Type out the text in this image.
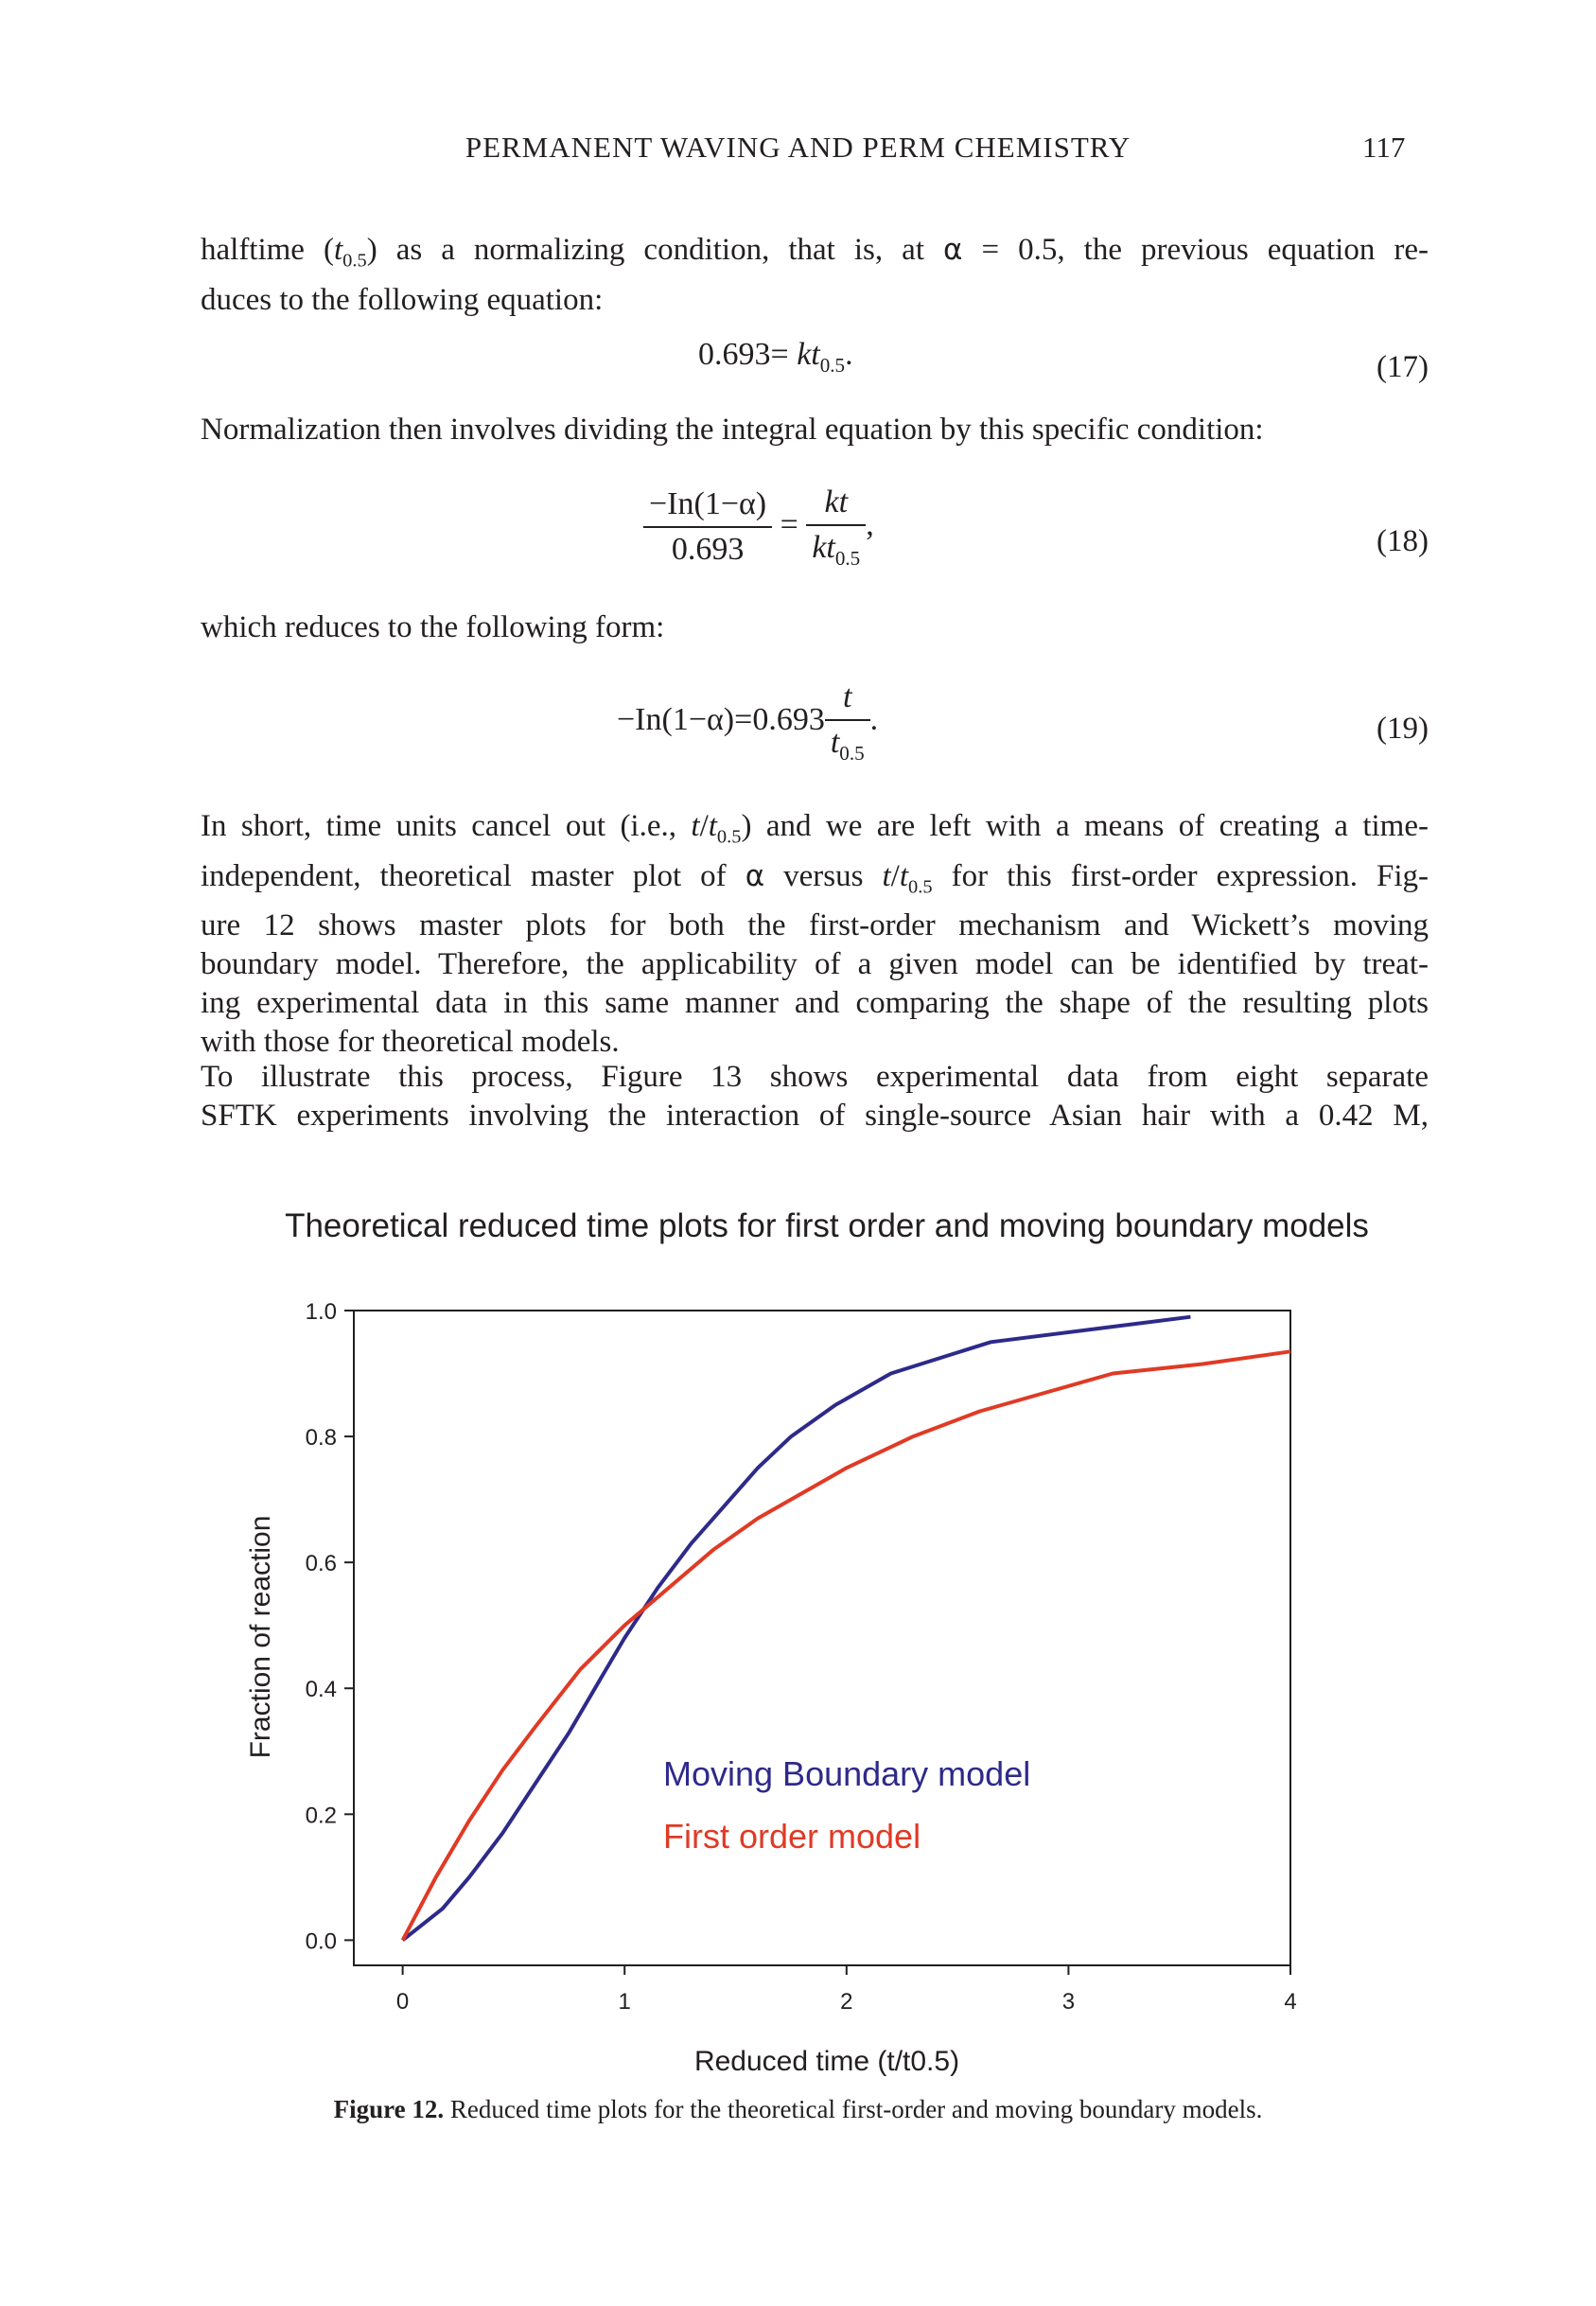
PERMANENT WAVING AND PERM CHEMISTRY	117
halftime $(t_{0.5})$ as a normalizing condition, that is, at α = 0.5, the previous equation re-
duces to the following equation:
$0.693= kt_{0.5}$.	(17)
Normalization then involves dividing the integral equation by this specific condition:
$\frac{-In(1-\alpha)}{0.693} = \frac{kt}{kt_{0.5}}$ ,	(18)
which reduces to the following form:
$-In(1-\alpha)=0.693 \frac{t}{t_{0.5}}$ .	(19)
In short, time units cancel out (i.e., $t/t_{0.5}$) and we are left with a means of creating a time-
independent, theoretical master plot of α versus $t/t_{0.5}$ for this first-order expression. Fig-
ure 12 shows master plots for both the first-order mechanism and Wickett’s moving
boundary model. Therefore, the applicability of a given model can be identified by treat-
ing experimental data in this same manner and comparing the shape of the resulting plots
with those for theoretical models.
To illustrate this process, Figure 13 shows experimental data from eight separate
SFTK experiments involving the interaction of single-source Asian hair with a 0.42 M,
Theoretical reduced time plots for first order and moving boundary models
0.0
0.2
0.4
0.6
0.8
1.0
0	1	2	3	4
Fraction of reaction
Reduced time (t/t0.5)
Moving Boundary model
First order model
Figure 12. Reduced time plots for the theoretical first-order and moving boundary models.
